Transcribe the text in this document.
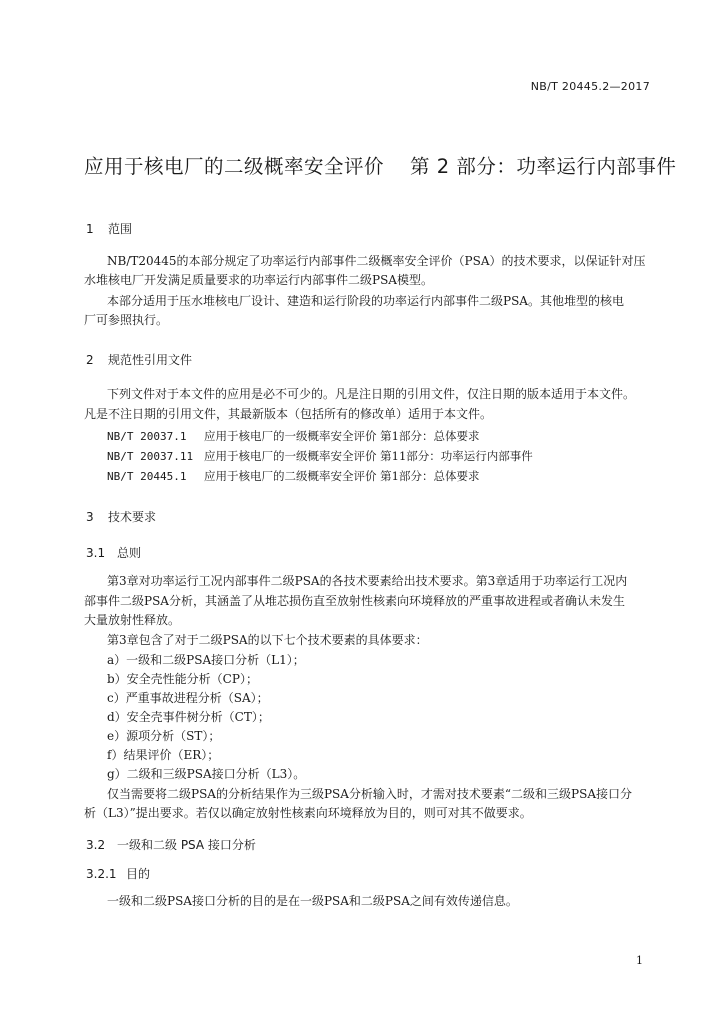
NB/T 20445.2—2017
应用于核电厂的二级概率安全评价 第 2 部分：功率运行内部事件
1 范围
NB/T20445的本部分规定了功率运行内部事件二级概率安全评价（PSA）的技术要求，以保证针对压
水堆核电厂开发满足质量要求的功率运行内部事件二级PSA模型。
本部分适用于压水堆核电厂设计、建造和运行阶段的功率运行内部事件二级PSA。其他堆型的核电
厂可参照执行。
2 规范性引用文件
下列文件对于本文件的应用是必不可少的。凡是注日期的引用文件，仅注日期的版本适用于本文件。
凡是不注日期的引用文件，其最新版本（包括所有的修改单）适用于本文件。
NB/T 20037.1 应用于核电厂的一级概率安全评价 第1部分：总体要求
NB/T 20037.11 应用于核电厂的一级概率安全评价 第11部分：功率运行内部事件
NB/T 20445.1 应用于核电厂的二级概率安全评价 第1部分：总体要求
3 技术要求
3.1 总则
第3章对功率运行工况内部事件二级PSA的各技术要素给出技术要求。第3章适用于功率运行工况内
部事件二级PSA分析，其涵盖了从堆芯损伤直至放射性核素向环境释放的严重事故进程或者确认未发生
大量放射性释放。
第3章包含了对于二级PSA的以下七个技术要素的具体要求：
a）一级和二级PSA接口分析（L1）；
b）安全壳性能分析（CP）；
c）严重事故进程分析（SA）；
d）安全壳事件树分析（CT）；
e）源项分析（ST）；
f）结果评价（ER）；
g）二级和三级PSA接口分析（L3）。
仅当需要将二级PSA的分析结果作为三级PSA分析输入时，才需对技术要素“二级和三级PSA接口分
析（L3）”提出要求。若仅以确定放射性核素向环境释放为目的，则可对其不做要求。
3.2 一级和二级 PSA 接口分析
3.2.1 目的
一级和二级PSA接口分析的目的是在一级PSA和二级PSA之间有效传递信息。
1
